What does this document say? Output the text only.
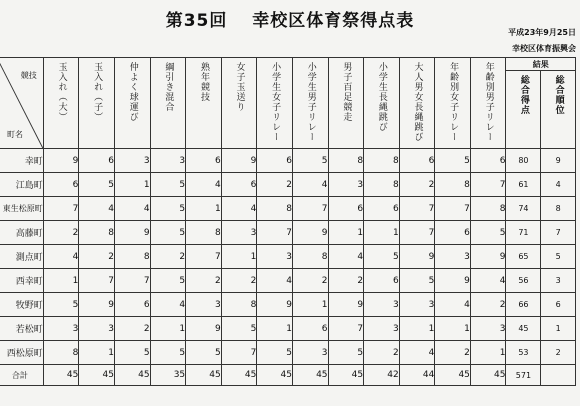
第35回　 幸校区体育祭得点表
平成23年9月25日
幸校区体育振興会
競技
町名	玉入れ（大）	玉入れ（子）	仲よく球運び	綱引き混合	熟年競技	女子玉送り	小学生女子リレー	小学生男子リレー	男子百足競走	小学生長縄跳び	大人男女長縄跳び	年齢別女子リレー	年齢別男子リレー	結果	

														総合得点	総合順位

幸町	9	6	3	3	6	9	6	5	8	8	6	5	6	80	9
江島町	6	5	1	5	4	6	2	4	3	8	2	8	7	61	4
東生松原町	7	4	4	5	1	4	8	7	6	6	7	7	8	74	8
高藤町	2	8	9	5	8	3	7	9	1	1	7	6	5	71	7
測点町	4	2	8	2	7	1	3	8	4	5	9	3	9	65	5
西幸町	1	7	7	5	2	2	4	2	2	6	5	9	4	56	3
牧野町	5	9	6	4	3	8	9	1	9	3	3	4	2	66	6
若松町	3	3	2	1	9	5	1	6	7	3	1	1	3	45	1
西松原町	8	1	5	5	5	7	5	3	5	2	4	2	1	53	2
合計	45	45	45	35	45	45	45	45	45	42	44	45	45	571	
